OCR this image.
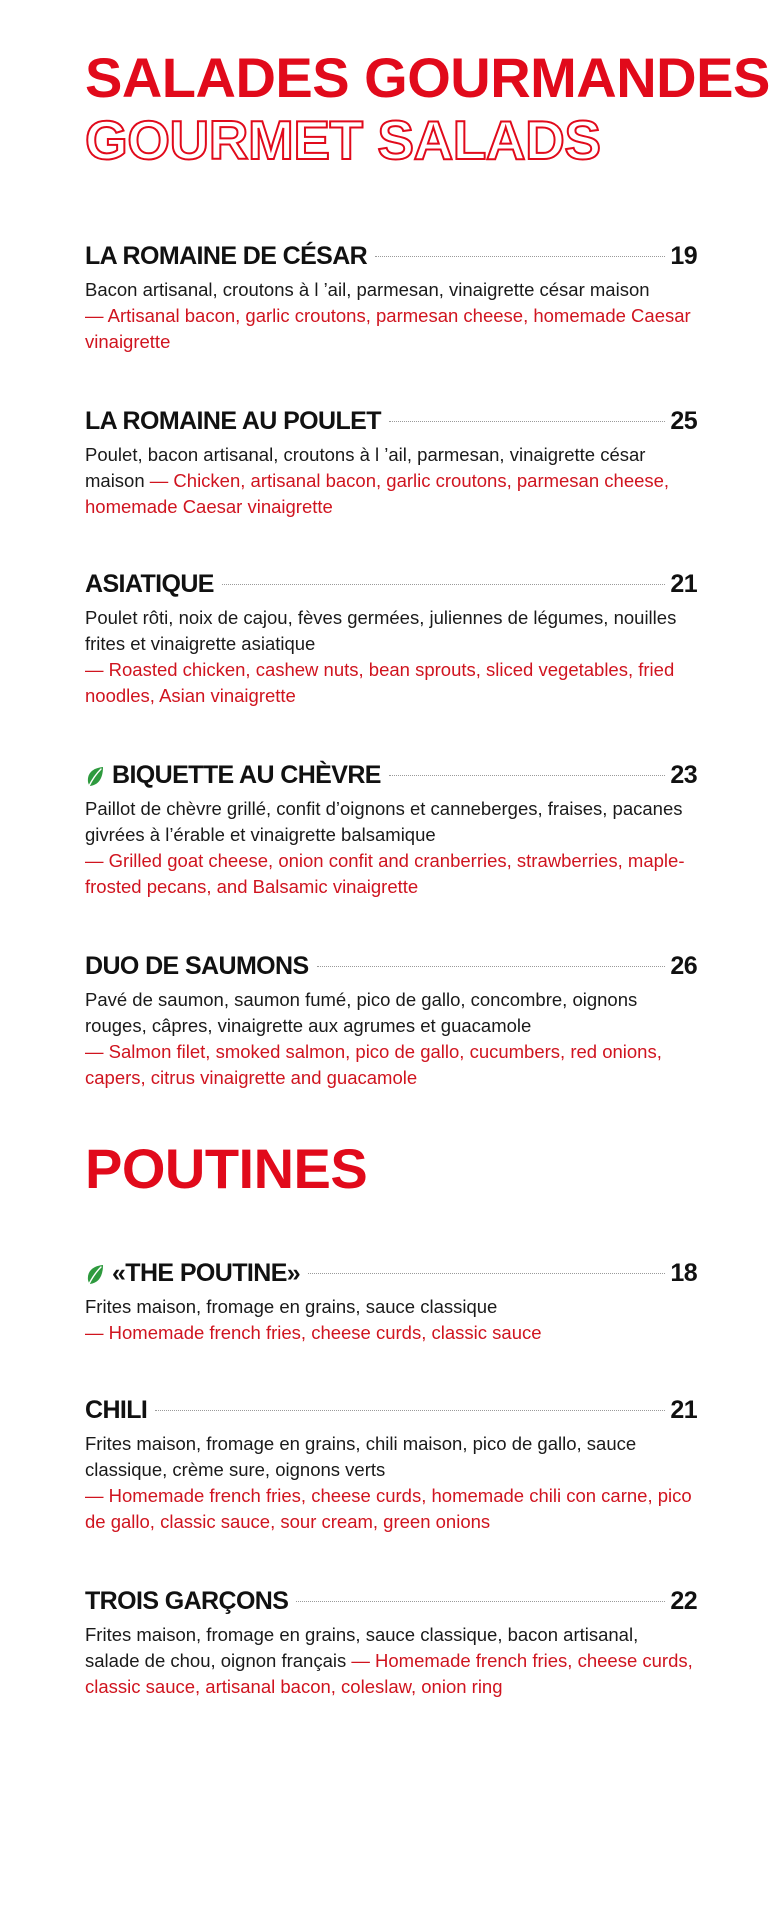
SALADES GOURMANDES
GOURMET SALADS
LA ROMAINE DE CÉSAR	19
Bacon artisanal, croutons à l ’ail, parmesan, vinaigrette césar maison
— Artisanal bacon, garlic croutons, parmesan cheese, homemade Caesar vinaigrette
LA ROMAINE AU POULET	25
Poulet, bacon artisanal, croutons à l ’ail, parmesan, vinaigrette césar maison — Chicken, artisanal bacon, garlic croutons, parmesan cheese, homemade Caesar vinaigrette
ASIATIQUE	21
Poulet rôti, noix de cajou, fèves germées, juliennes de légumes, nouilles frites et vinaigrette asiatique
— Roasted chicken, cashew nuts, bean sprouts, sliced vegetables, fried noodles, Asian vinaigrette
BIQUETTE AU CHÈVRE	23
Paillot de chèvre grillé, confit d’oignons et canneberges, fraises, pacanes givrées à l’érable et vinaigrette balsamique
— Grilled goat cheese, onion confit and cranberries, strawberries, maple-frosted pecans, and Balsamic vinaigrette
DUO DE SAUMONS	26
Pavé de saumon, saumon fumé, pico de gallo, concombre, oignons rouges, câpres, vinaigrette aux agrumes et guacamole
— Salmon filet, smoked salmon, pico de gallo, cucumbers, red onions, capers, citrus vinaigrette and guacamole
POUTINES
«THE POUTINE»	18
Frites maison, fromage en grains, sauce classique
— Homemade french fries, cheese curds, classic sauce
CHILI	21
Frites maison, fromage en grains, chili maison, pico de gallo, sauce classique, crème sure, oignons verts
— Homemade french fries, cheese curds, homemade chili con carne, pico de gallo, classic sauce, sour cream, green onions
TROIS GARÇONS	22
Frites maison, fromage en grains, sauce classique, bacon artisanal, salade de chou, oignon français — Homemade french fries, cheese curds, classic sauce, artisanal bacon, coleslaw, onion ring
